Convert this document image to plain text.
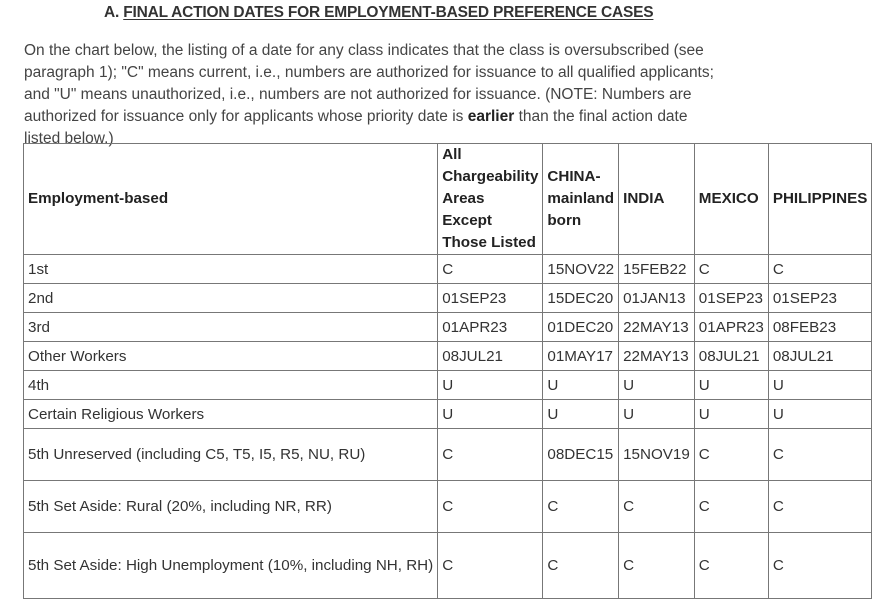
A. FINAL ACTION DATES FOR EMPLOYMENT-BASED PREFERENCE CASES
On the chart below, the listing of a date for any class indicates that the class is oversubscribed (see paragraph 1); "C" means current, i.e., numbers are authorized for issuance to all qualified applicants; and "U" means unauthorized, i.e., numbers are not authorized for issuance. (NOTE: Numbers are authorized for issuance only for applicants whose priority date is earlier than the final action date listed below.)
Employment-based	All Chargeability Areas Except Those Listed	CHINA-mainland born	INDIA	MEXICO	PHILIPPINES
1st	C	15NOV22	15FEB22	C	C
2nd	01SEP23	15DEC20	01JAN13	01SEP23	01SEP23
3rd	01APR23	01DEC20	22MAY13	01APR23	08FEB23
Other Workers	08JUL21	01MAY17	22MAY13	08JUL21	08JUL21
4th	U	U	U	U	U
Certain Religious Workers	U	U	U	U	U
5th Unreserved (including C5, T5, I5, R5, NU, RU)	C	08DEC15	15NOV19	C	C
5th Set Aside: Rural (20%, including NR, RR)	C	C	C	C	C
5th Set Aside: High Unemployment (10%, including NH, RH)	C	C	C	C	C
